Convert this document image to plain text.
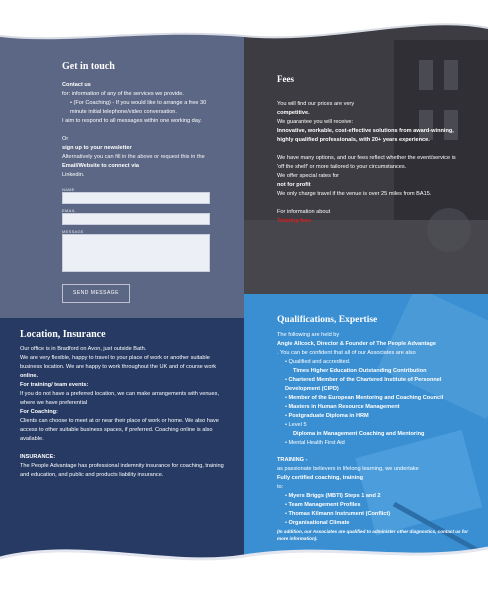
Get in touch

Contact us

for: information of any of the services we provide.

• (For Coaching) - If you would like to arrange a free 30 minute initial telephone/video conversation.

I aim to respond to all messages within one working day.

Or

sign up to your newsletter

Alternatively you can fill in the above or request this in the

Email/Website to connect via

Linkedin.

NAME
EMAIL
MESSAGE
SEND MESSAGE
Fees

You will find our prices are very

competitive.

We guarantee you will receive:

Innovative, workable, cost-effective solutions from award-winning, highly qualified professionals, with 20+ years experience.

We have many options, and our fees reflect whether the event/service is 'off the shelf' or more tailored to your circumstances.

We offer special rates for

not for profit

We only charge travel if the venue is over 25 miles from BA15.

For information about

Training fees

Location, Insurance

Our office is in Bradford on Avon, just outside Bath.

We are very flexible, happy to travel to your place of work or another suitable business location. We are happy to work throughout the UK and of course work

online.

For training/ team events:

If you do not have a preferred location, we can make arrangements with venues, where we have preferential

For Coaching:

Clients can choose to meet at or near their place of work or home. We also have access to other suitable business spaces, if preferred. Coaching online is also available.

INSURANCE:

The People Advantage has professional indemnity insurance for coaching, training and education, and public and products liability insurance.

Qualifications, Expertise

The following are held by

Angie Allcock, Director & Founder of The People Advantage

. You can be confident that all of our Associates are also

• Qualified and accredited.
Times Higher Education Outstanding Contribution
• Chartered Member of the Chartered Institute of Personnel Development (CIPD)
• Member of the European Mentoring and Coaching Council
• Masters in Human Resource Management
• Postgraduate Diploma in HRM
• Level 5
Diploma in Management Coaching and Mentoring
• Mental Health First Aid

TRAINING -

as passionate believers in lifelong learning, we undertake

Fully certified coaching, training

to:

• Myers Briggs (MBTI) Steps 1 and 2
• Team Management Profiles
• Thomas Kilmann Instrument (Conflict)
• Organisational Climate

(In addition, our Associates are qualified to administer other diagnostics, contact us for more information).
